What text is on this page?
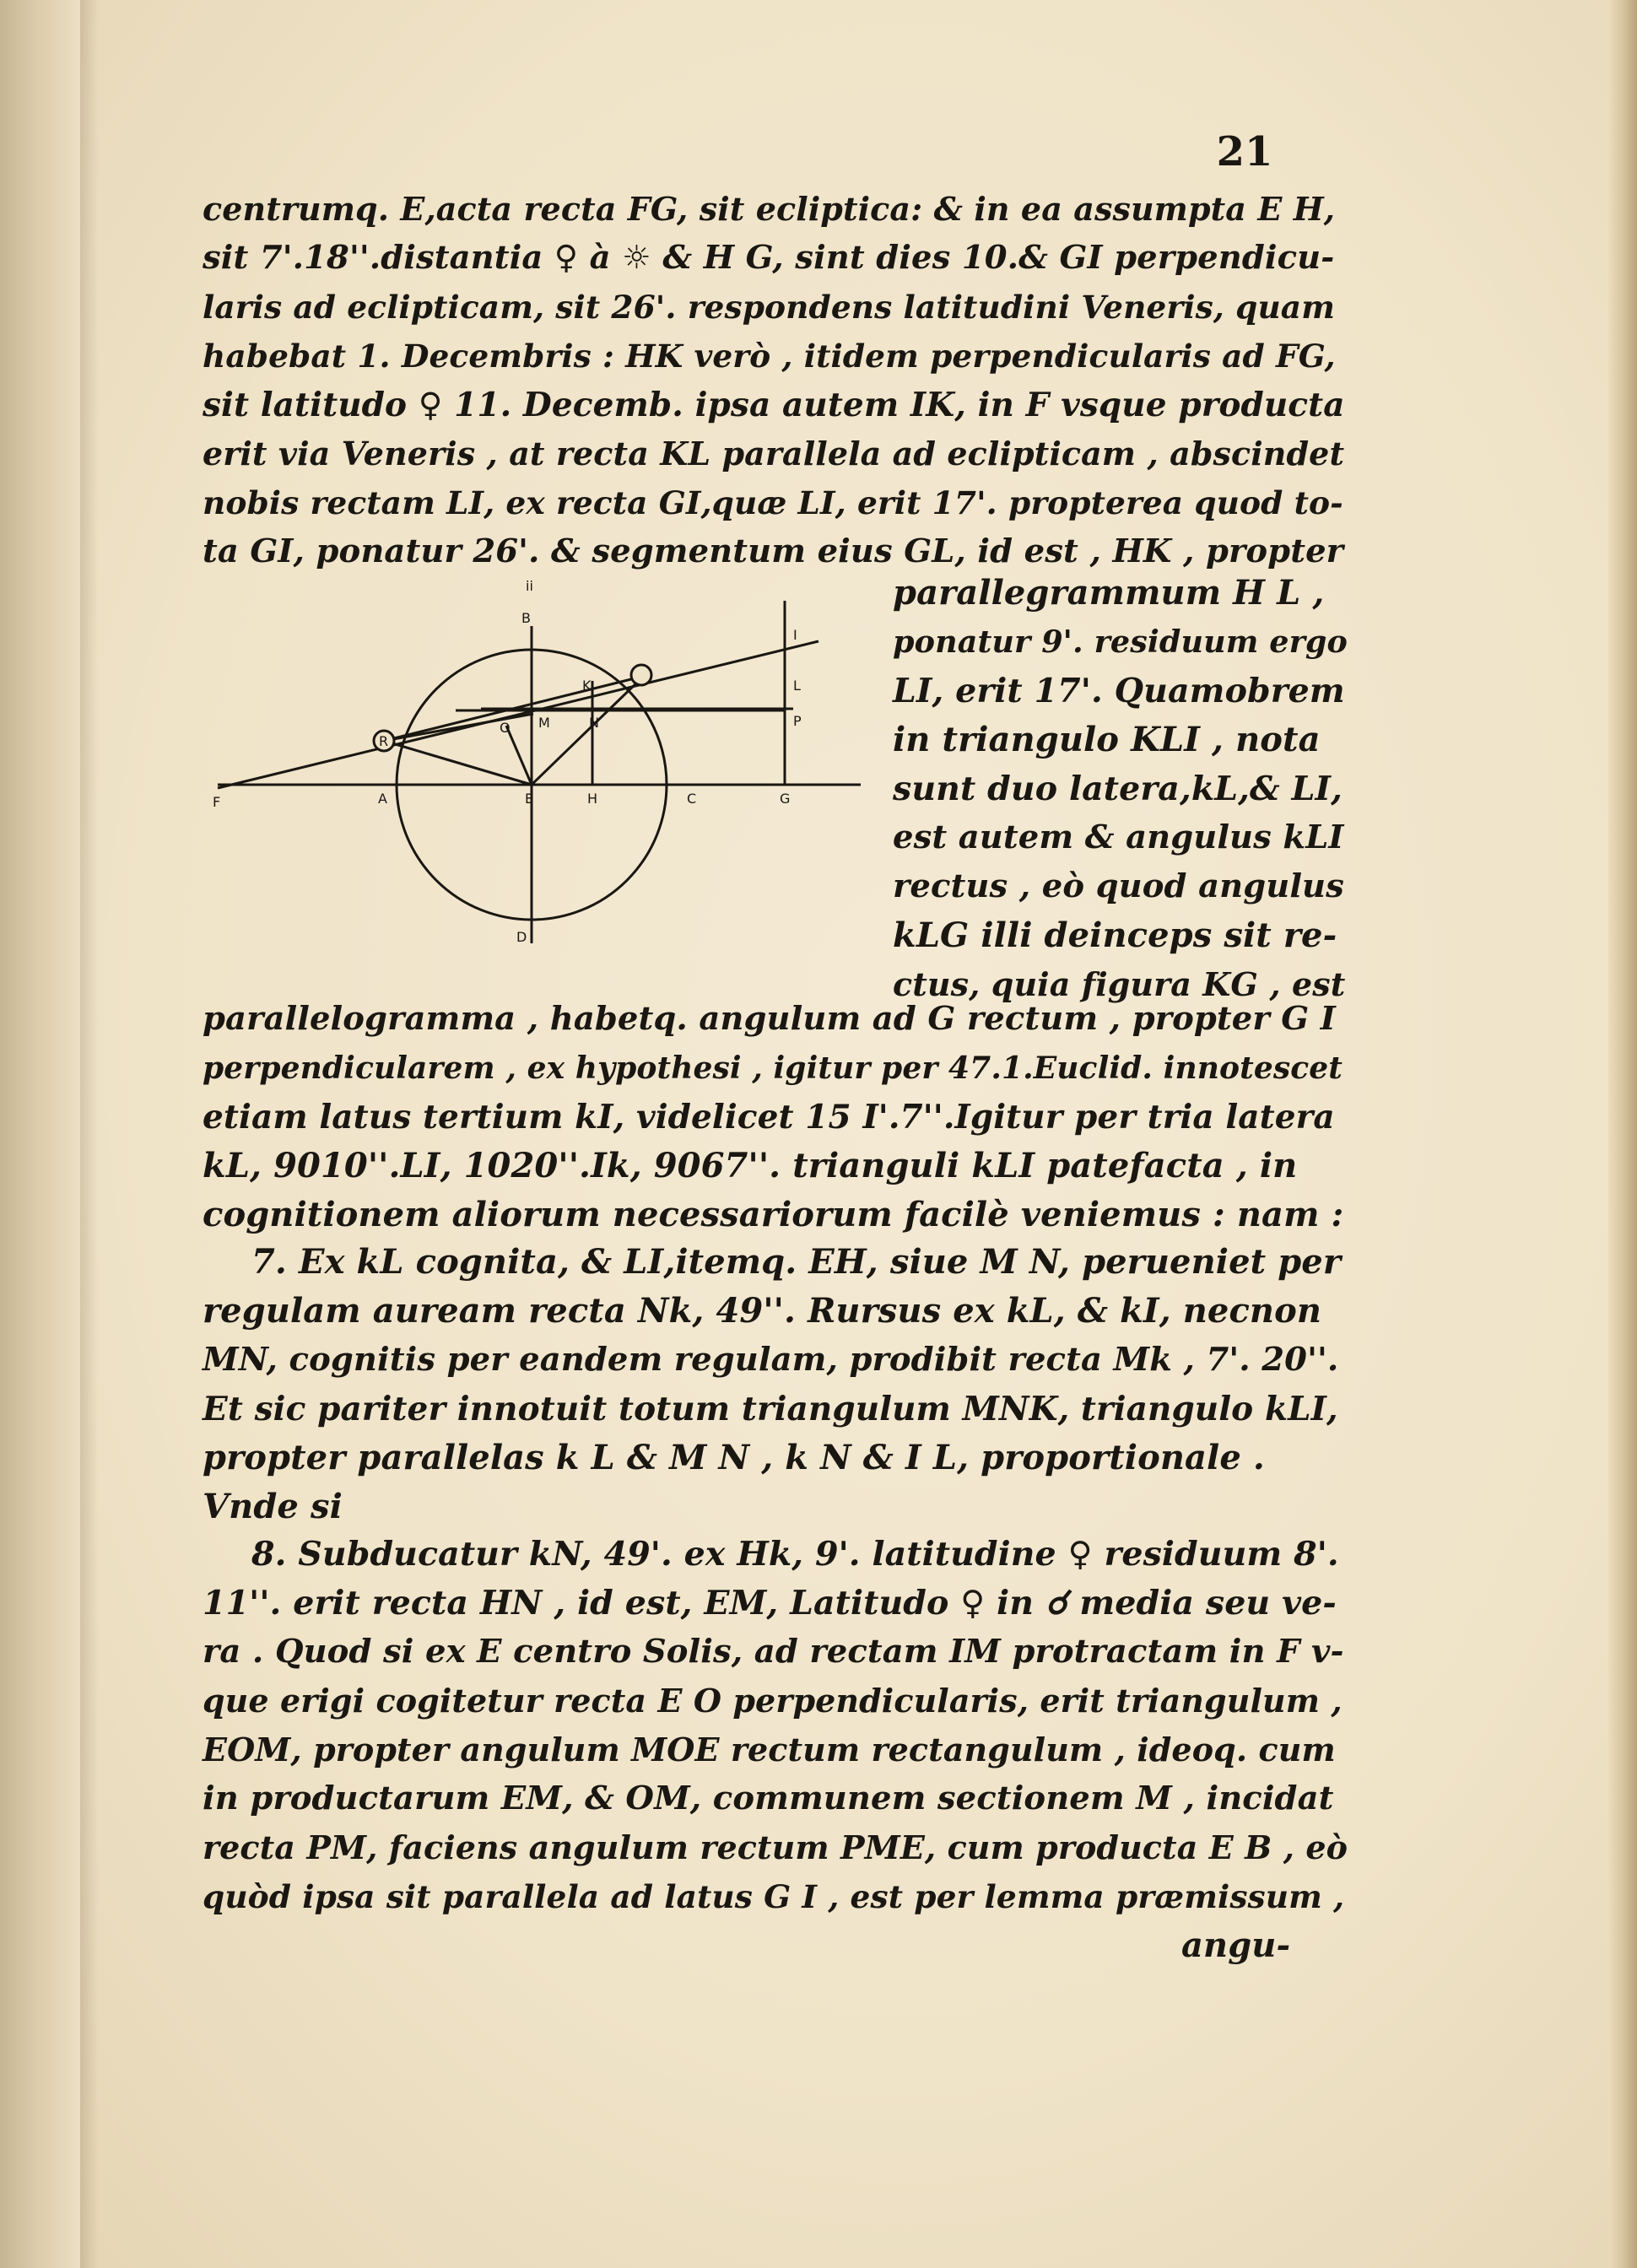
21
centrumq. E,acta recta FG, sit ecliptica: & in ea assumpta E H,
sit 7'.18''.distantia ♀ à ☼ & H G, sint dies 10.& GI perpendicu-
laris ad eclipticam, sit 26'. respondens latitudini Veneris, quam
habebat 1. Decembris : HK verò , itidem perpendicularis ad FG,
sit latitudo ♀ 11. Decemb. ipsa autem IK, in F vsque producta
erit via Veneris , at recta KL parallela ad eclipticam , abscindet
nobis rectam LI, ex recta GI,quæ LI, erit 17'. propterea quod to-
ta GI, ponatur 26'. & segmentum eius GL, id est , HK , propter
parallegrammum H L ,
ponatur 9'. residuum ergo
LI, erit 17'. Quamobrem
in triangulo KLI , nota
sunt duo latera,kL,& LI,
est autem & angulus kLI
rectus , eò quod angulus
kLG illi deinceps sit re-
ctus, quia figura KG , est
ii
B
I
K	L
O M	N	P
R
F	A	E	H	C	G
D
parallelogramma , habetq. angulum ad G rectum , propter G I
perpendicularem , ex hypothesi , igitur per 47.1.Euclid. innotescet
etiam latus tertium kI, videlicet 15 I'.7''.Igitur per tria latera
kL, 9010''.LI, 1020''.Ik, 9067''. trianguli kLI patefacta , in
cognitionem aliorum necessariorum facilè veniemus : nam :
7. Ex kL cognita, & LI,itemq. EH, siue M N, perueniet per
regulam auream recta Nk, 49''. Rursus ex kL, & kI, necnon
MN, cognitis per eandem regulam, prodibit recta Mk , 7'. 20''.
Et sic pariter innotuit totum triangulum MNK, triangulo kLI,
propter parallelas k L & M N , k N & I L, proportionale .
Vnde si
8. Subducatur kN, 49'. ex Hk, 9'. latitudine ♀ residuum 8'.
11''. erit recta HN , id est, EM, Latitudo ♀ in ☌ media seu ve-
ra . Quod si ex E centro Solis, ad rectam IM protractam in F v-
que erigi cogitetur recta E O perpendicularis, erit triangulum ,
EOM, propter angulum MOE rectum rectangulum , ideoq. cum
in productarum EM, & OM, communem sectionem M , incidat
recta PM, faciens angulum rectum PME, cum producta E B , eò
quòd ipsa sit parallela ad latus G I , est per lemma præmissum ,
angu-
